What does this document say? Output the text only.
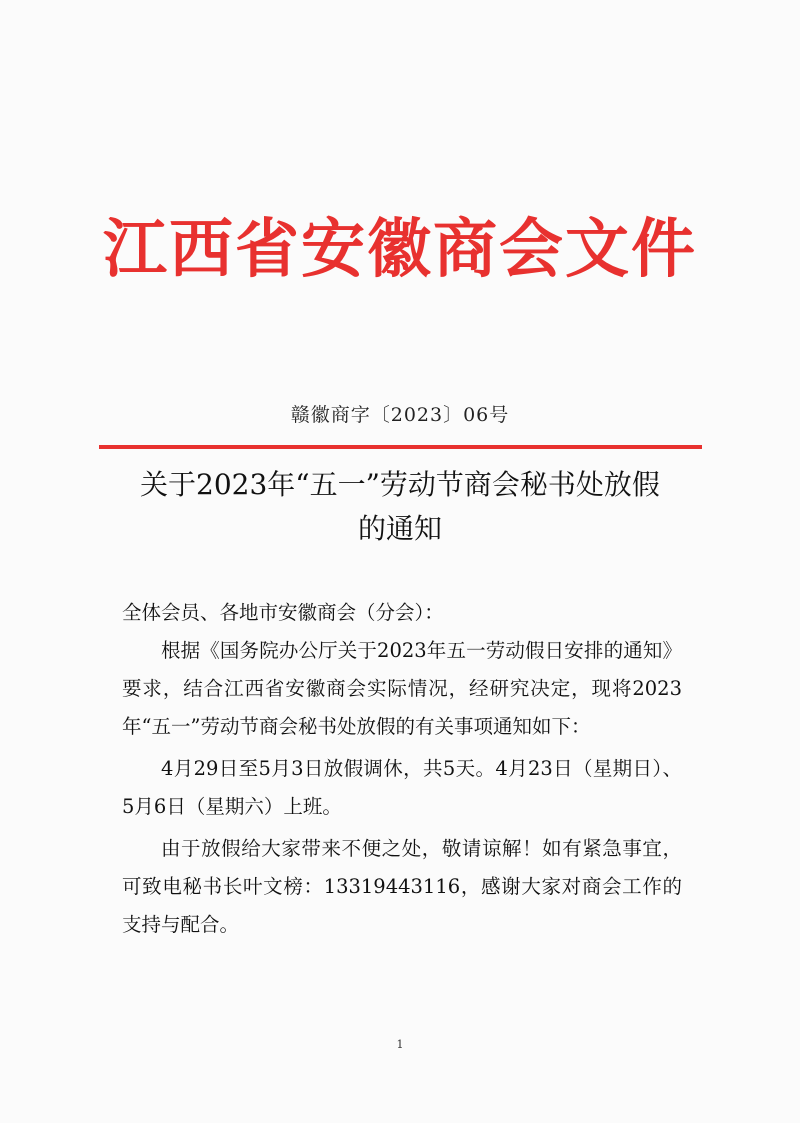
江西省安徽商会文件
赣徽商字〔2023〕06号
关于2023年“五一”劳动节商会秘书处放假
的通知

全体会员、各地市安徽商会（分会）：

根据《国务院办公厅关于2023年五一劳动假日安排的通知》要求，结合江西省安徽商会实际情况，经研究决定，现将2023年“五一”劳动节商会秘书处放假的有关事项通知如下：

4月29日至5月3日放假调休，共5天。4月23日（星期日）、5月6日（星期六）上班。

由于放假给大家带来不便之处，敬请谅解！如有紧急事宜，可致电秘书长叶文榜：13319443116，感谢大家对商会工作的支持与配合。

1
